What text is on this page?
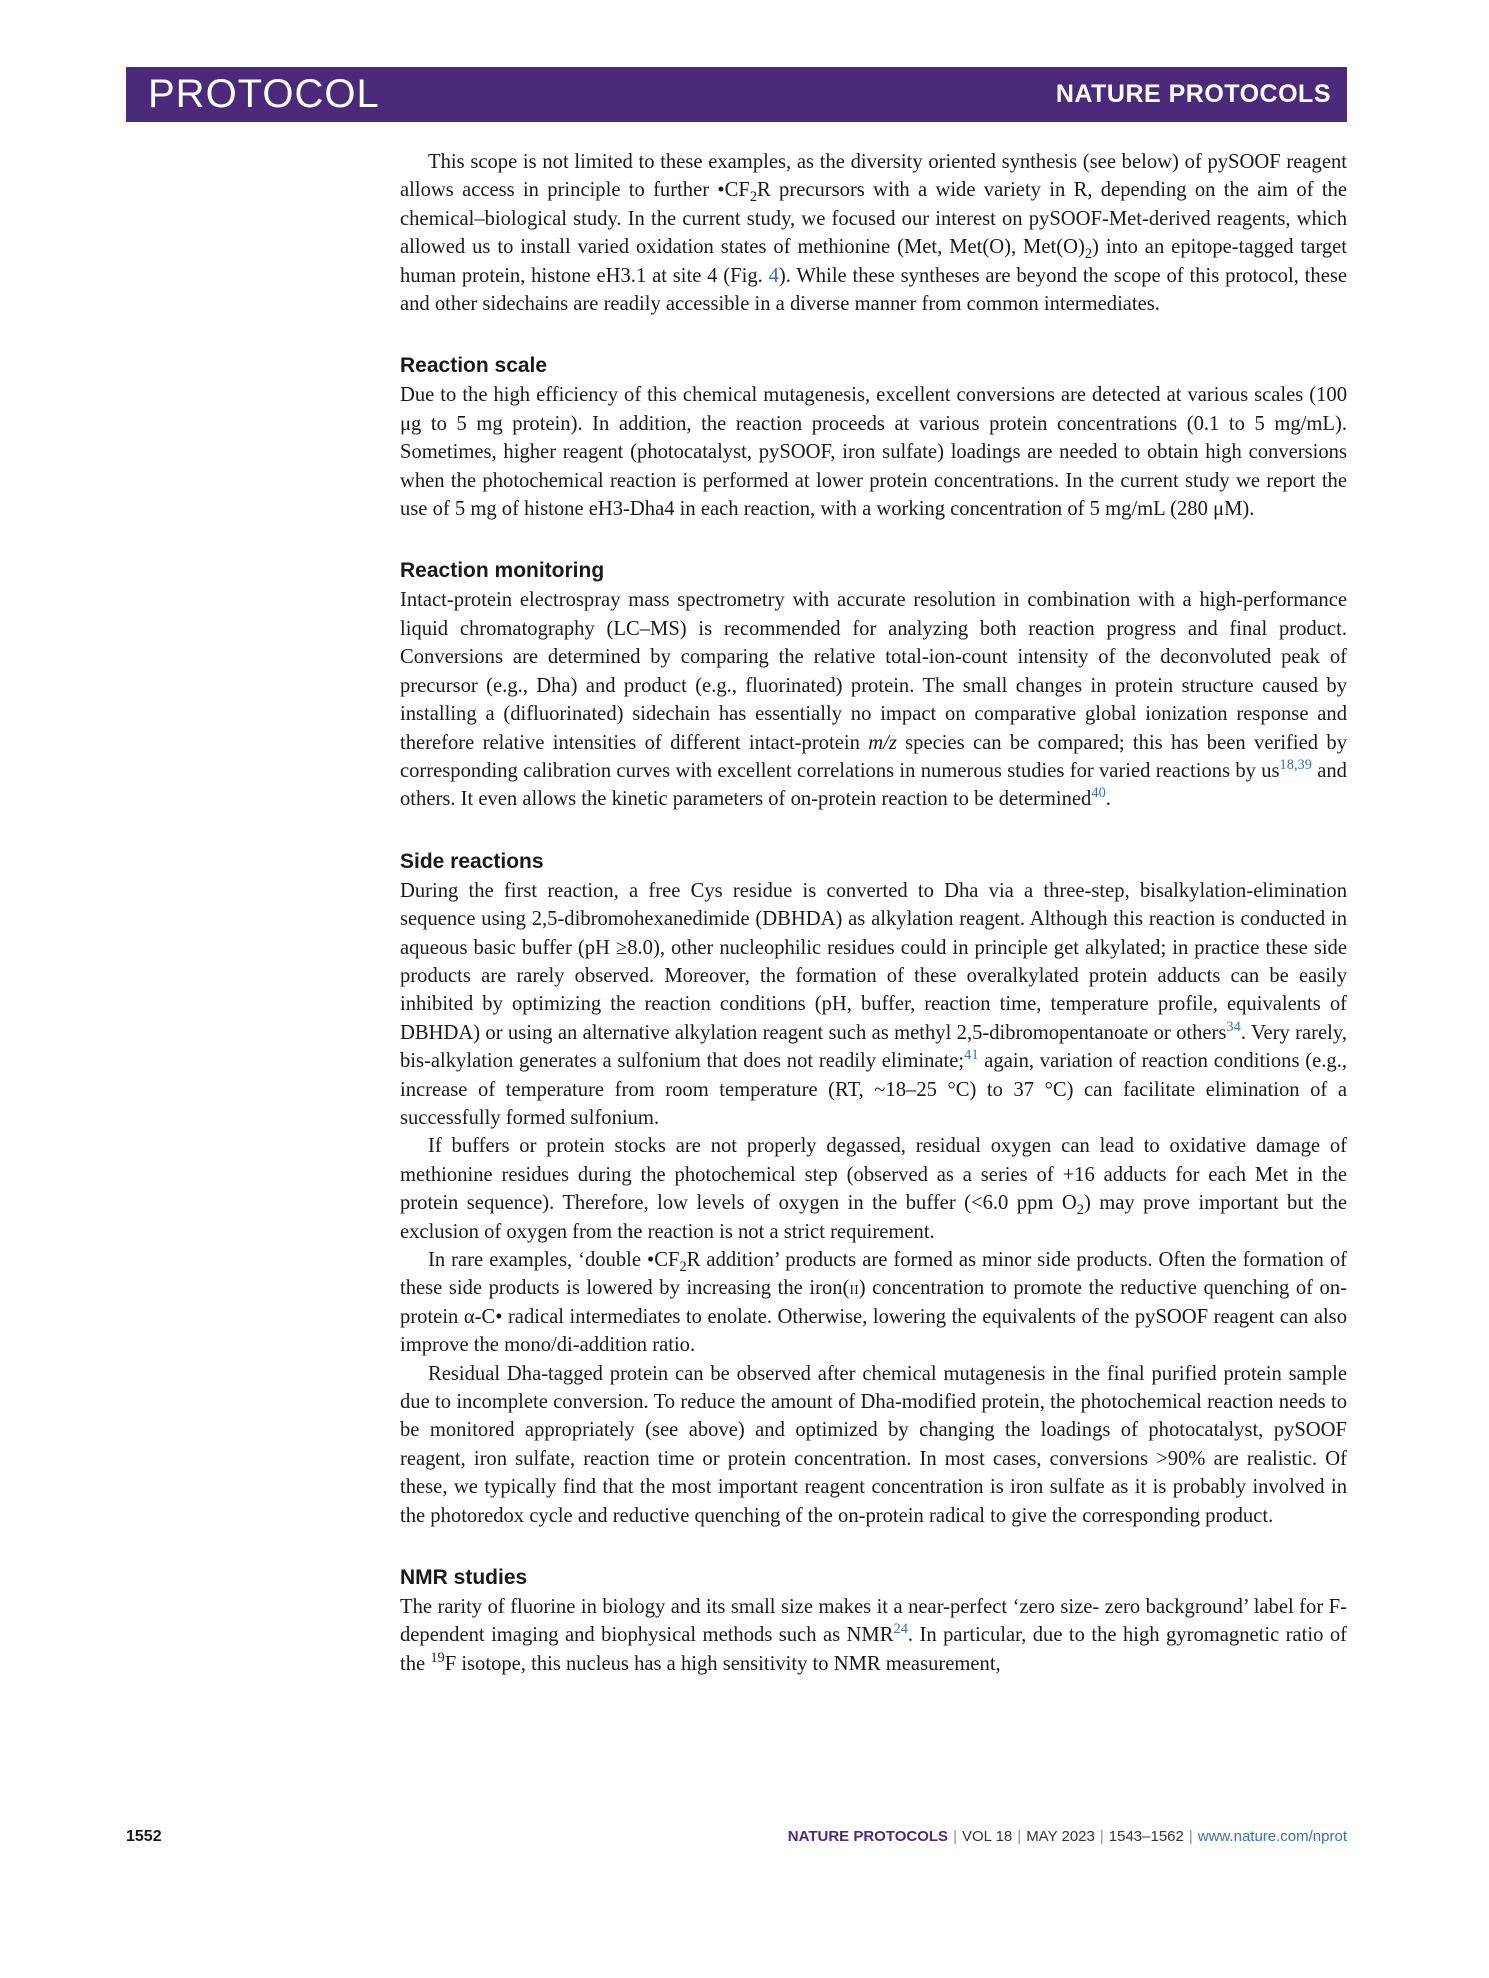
PROTOCOL	NATURE PROTOCOLS

This scope is not limited to these examples, as the diversity oriented synthesis (see below) of pySOOF reagent allows access in principle to further $•CF_2R$ precursors with a wide variety in R, depending on the aim of the chemical–biological study. In the current study, we focused our interest on pySOOF-Met-derived reagents, which allowed us to install varied oxidation states of methionine (Met, Met(O), $Met(O)_2$) into an epitope-tagged target human protein, histone eH3.1 at site 4 (Fig. 4). While these syntheses are beyond the scope of this protocol, these and other sidechains are readily accessible in a diverse manner from common intermediates.

Reaction scale

Due to the high efficiency of this chemical mutagenesis, excellent conversions are detected at various scales (100 μg to 5 mg protein). In addition, the reaction proceeds at various protein concentrations (0.1 to 5 mg/mL). Sometimes, higher reagent (photocatalyst, pySOOF, iron sulfate) loadings are needed to obtain high conversions when the photochemical reaction is performed at lower protein concentrations. In the current study we report the use of 5 mg of histone eH3-Dha4 in each reaction, with a working concentration of 5 mg/mL (280 μM).

Reaction monitoring

Intact-protein electrospray mass spectrometry with accurate resolution in combination with a high-performance liquid chromatography (LC–MS) is recommended for analyzing both reaction progress and final product. Conversions are determined by comparing the relative total-ion-count intensity of the deconvoluted peak of precursor (e.g., Dha) and product (e.g., fluorinated) protein. The small changes in protein structure caused by installing a (difluorinated) sidechain has essentially no impact on comparative global ionization response and therefore relative intensities of different intact-protein m/z species can be compared; this has been verified by corresponding calibration curves with excellent correlations in numerous studies for varied reactions by us$^{18,39}$ and others. It even allows the kinetic parameters of on-protein reaction to be determined$^{40}$.

Side reactions

During the first reaction, a free Cys residue is converted to Dha via a three-step, bisalkylation-elimination sequence using 2,5-dibromohexanedimide (DBHDA) as alkylation reagent. Although this reaction is conducted in aqueous basic buffer (pH ≥8.0), other nucleophilic residues could in principle get alkylated; in practice these side products are rarely observed. Moreover, the formation of these overalkylated protein adducts can be easily inhibited by optimizing the reaction conditions (pH, buffer, reaction time, temperature profile, equivalents of DBHDA) or using an alternative alkylation reagent such as methyl 2,5-dibromopentanoate or others$^{34}$. Very rarely, bis-alkylation generates a sulfonium that does not readily eliminate;$^{41}$ again, variation of reaction conditions (e.g., increase of temperature from room temperature (RT, ~18–25 °C) to 37 °C) can facilitate elimination of a successfully formed sulfonium.

If buffers or protein stocks are not properly degassed, residual oxygen can lead to oxidative damage of methionine residues during the photochemical step (observed as a series of +16 adducts for each Met in the protein sequence). Therefore, low levels of oxygen in the buffer (<6.0 ppm $O_2$) may prove important but the exclusion of oxygen from the reaction is not a strict requirement.

In rare examples, ‘double $•CF_2R$ addition’ products are formed as minor side products. Often the formation of these side products is lowered by increasing the iron(ii) concentration to promote the reductive quenching of on-protein α-C• radical intermediates to enolate. Otherwise, lowering the equivalents of the pySOOF reagent can also improve the mono/di-addition ratio.

Residual Dha-tagged protein can be observed after chemical mutagenesis in the final purified protein sample due to incomplete conversion. To reduce the amount of Dha-modified protein, the photochemical reaction needs to be monitored appropriately (see above) and optimized by changing the loadings of photocatalyst, pySOOF reagent, iron sulfate, reaction time or protein concentration. In most cases, conversions >90% are realistic. Of these, we typically find that the most important reagent concentration is iron sulfate as it is probably involved in the photoredox cycle and reductive quenching of the on-protein radical to give the corresponding product.

NMR studies

The rarity of fluorine in biology and its small size makes it a near-perfect ‘zero size- zero background’ label for F-dependent imaging and biophysical methods such as NMR$^{24}$. In particular, due to the high gyromagnetic ratio of the $^{19}$F isotope, this nucleus has a high sensitivity to NMR measurement,

1552	NATURE PROTOCOLS | VOL 18 | MAY 2023 | 1543–1562 | www.nature.com/nprot
